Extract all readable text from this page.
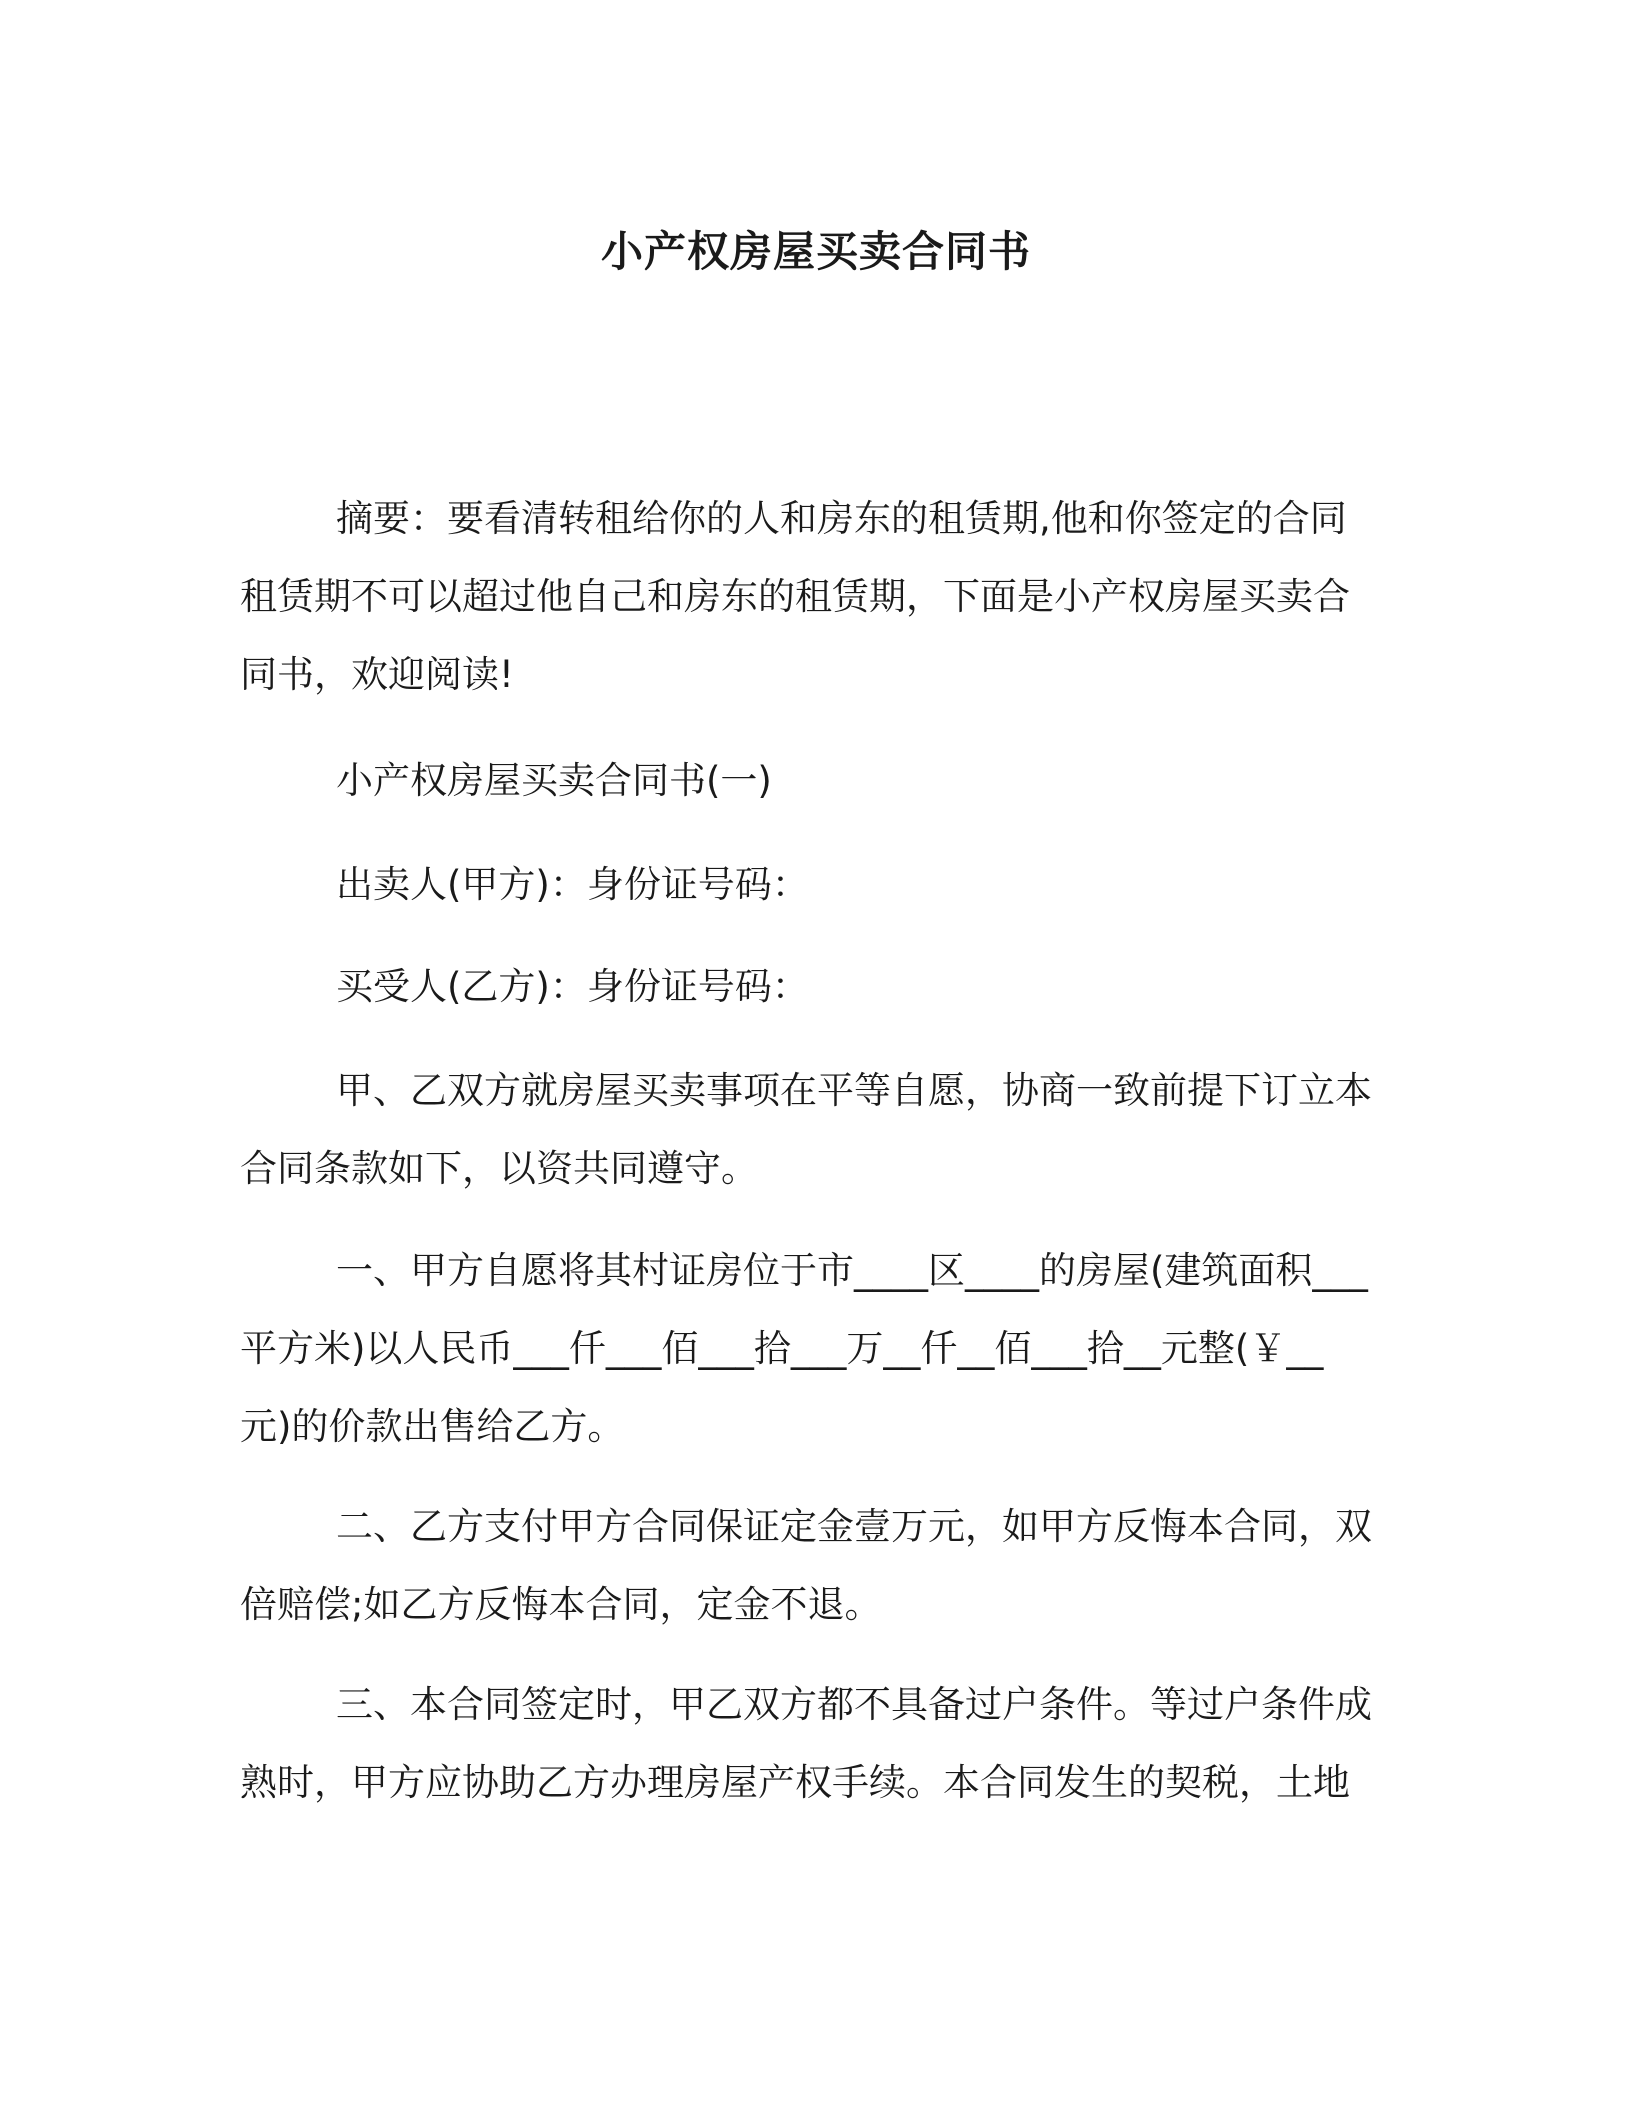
小产权房屋买卖合同书

摘要：要看清转租给你的人和房东的租赁期,他和你签定的合同租赁期不可以超过他自己和房东的租赁期，下面是小产权房屋买卖合同书，欢迎阅读!

小产权房屋买卖合同书(一)

出卖人(甲方)：身份证号码：

买受人(乙方)：身份证号码：

甲、乙双方就房屋买卖事项在平等自愿，协商一致前提下订立本合同条款如下，以资共同遵守。

一、甲方自愿将其村证房位于市____区____的房屋(建筑面积___平方米)以人民币___仟___佰___拾___万__仟__佰___拾__元整(￥__ 元)的价款出售给乙方。

二、乙方支付甲方合同保证定金壹万元，如甲方反悔本合同，双倍赔偿;如乙方反悔本合同，定金不退。

三、本合同签定时，甲乙双方都不具备过户条件。等过户条件成熟时，甲方应协助乙方办理房屋产权手续。本合同发生的契税，土地
